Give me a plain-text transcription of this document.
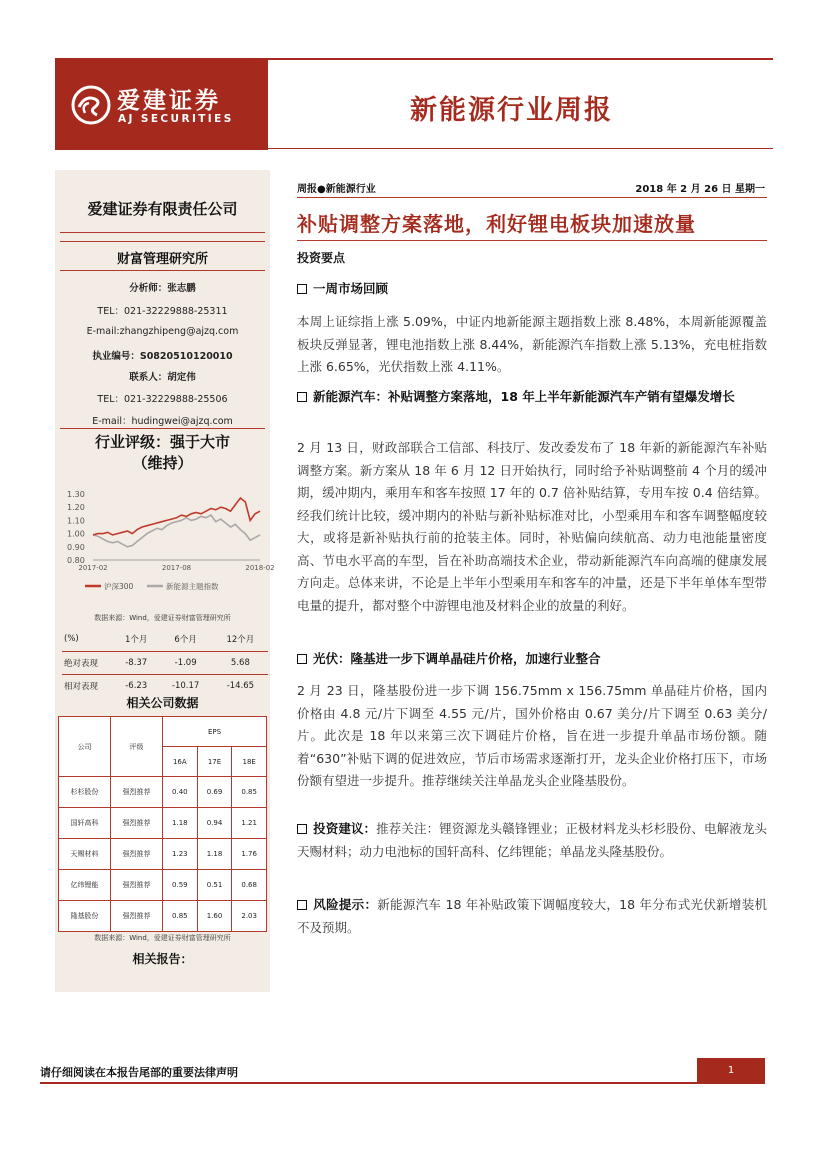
爱建证券
AJ SECURITIES	新能源行业周报
爱建证券有限责任公司
财富管理研究所
分析师：张志鹏
TEL：021-32229888-25311
E-mail:zhangzhipeng@ajzq.com
执业编号：S0820510120010
联系人：胡定伟
TEL：021-32229888-25506
E-mail：hudingwei@ajzq.com
行业评级：强于大市
（维持）
1.30
1.20
1.10
1.00
0.90
0.80
2017-02	2017-08	2018-02
沪深300	新能源主题指数
数据来源：Wind，爱建证券财富管理研究所
(%)	1个月	6个月	12个月
绝对表现	-8.37	-1.09	5.68
相对表现	-6.23	-10.17	-14.65
相关公司数据
公司	评级	EPS		
		16A	17E	18E
杉杉股份	强烈推荐	0.40	0.69	0.85
国轩高科	强烈推荐	1.18	0.94	1.21
天赐材料	强烈推荐	1.23	1.18	1.76
亿纬锂能	强烈推荐	0.59	0.51	0.68
隆基股份	强烈推荐	0.85	1.60	2.03
数据来源：Wind，爱建证券财富管理研究所
相关报告：
周报●新能源行业	2018 年 2 月 26 日 星期一
补贴调整方案落地，利好锂电板块加速放量
投资要点
一周市场回顾
本周上证综指上涨 5.09%，中证内地新能源主题指数上涨 8.48%，本周新能源覆盖板块反弹显著，锂电池指数上涨 8.44%，新能源汽车指数上涨 5.13%，充电桩指数上涨 6.65%，光伏指数上涨 4.11%。
新能源汽车：补贴调整方案落地，18 年上半年新能源汽车产销有望爆发增长
2 月 13 日，财政部联合工信部、科技厅、发改委发布了 18 年新的新能源汽车补贴调整方案。新方案从 18 年 6 月 12 日开始执行，同时给予补贴调整前 4 个月的缓冲期，缓冲期内，乘用车和客车按照 17 年的 0.7 倍补贴结算，专用车按 0.4 倍结算。经我们统计比较，缓冲期内的补贴与新补贴标准对比，小型乘用车和客车调整幅度较大，或将是新补贴执行前的抢装主体。同时，补贴偏向续航高、动力电池能量密度高、节电水平高的车型，旨在补助高端技术企业，带动新能源汽车向高端的健康发展方向走。总体来讲，不论是上半年小型乘用车和客车的冲量，还是下半年单体车型带电量的提升，都对整个中游锂电池及材料企业的放量的利好。
光伏：隆基进一步下调单晶硅片价格，加速行业整合
2 月 23 日，隆基股份进一步下调 156.75mm x 156.75mm 单晶硅片价格，国内价格由 4.8 元/片下调至 4.55 元/片，国外价格由 0.67 美分/片下调至 0.63 美分/片。此次是 18 年以来第三次下调硅片价格，旨在进一步提升单晶市场份额。随着“630”补贴下调的促进效应，节后市场需求逐渐打开，龙头企业价格打压下，市场份额有望进一步提升。推荐继续关注单晶龙头企业隆基股份。
投资建议：推荐关注：锂资源龙头赣锋锂业；正极材料龙头杉杉股份、电解液龙头天赐材料；动力电池标的国轩高科、亿纬锂能；单晶龙头隆基股份。
风险提示：新能源汽车 18 年补贴政策下调幅度较大，18 年分布式光伏新增装机不及预期。
请仔细阅读在本报告尾部的重要法律声明	1
